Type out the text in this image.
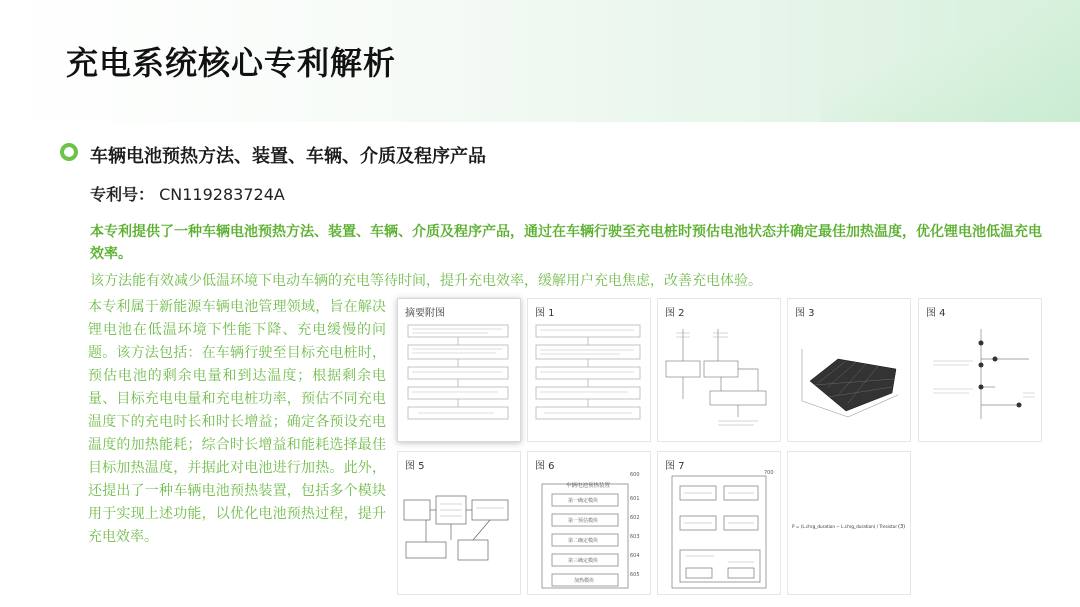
充电系统核心专利解析
车辆电池预热方法、装置、车辆、介质及程序产品
专利号： CN119283724A
本专利提供了一种车辆电池预热方法、装置、车辆、介质及程序产品，通过在车辆行驶至充电桩时预估电池状态并确定最佳加热温度，优化锂电池低温充电效率。
该方法能有效减少低温环境下电动车辆的充电等待时间，提升充电效率，缓解用户充电焦虑，改善充电体验。
本专利属于新能源车辆电池管理领域，旨在解决锂电池在低温环境下性能下降、充电缓慢的问题。该方法包括：在车辆行驶至目标充电桩时，预估电池的剩余电量和到达温度；根据剩余电量、目标充电电量和充电桩功率，预估不同充电温度下的充电时长和时长增益；确定各预设充电温度的加热能耗；综合时长增益和能耗选择最佳目标加热温度，并据此对电池进行加热。此外，还提出了一种车辆电池预热装置，包括多个模块用于实现上述功能，以优化电池预热过程，提升充电效率。
摘要附图	图 1	图 2	图 3	图 4
图 5	图 6
车辆电池预热装置
第一确定模块
第一预估模块
第二确定模块
第三确定模块
加热模块
600
601
602
603
604
605
图 7
700
P = (L.chrg_duration − L.chrg_duration) / Tresistor (3)
